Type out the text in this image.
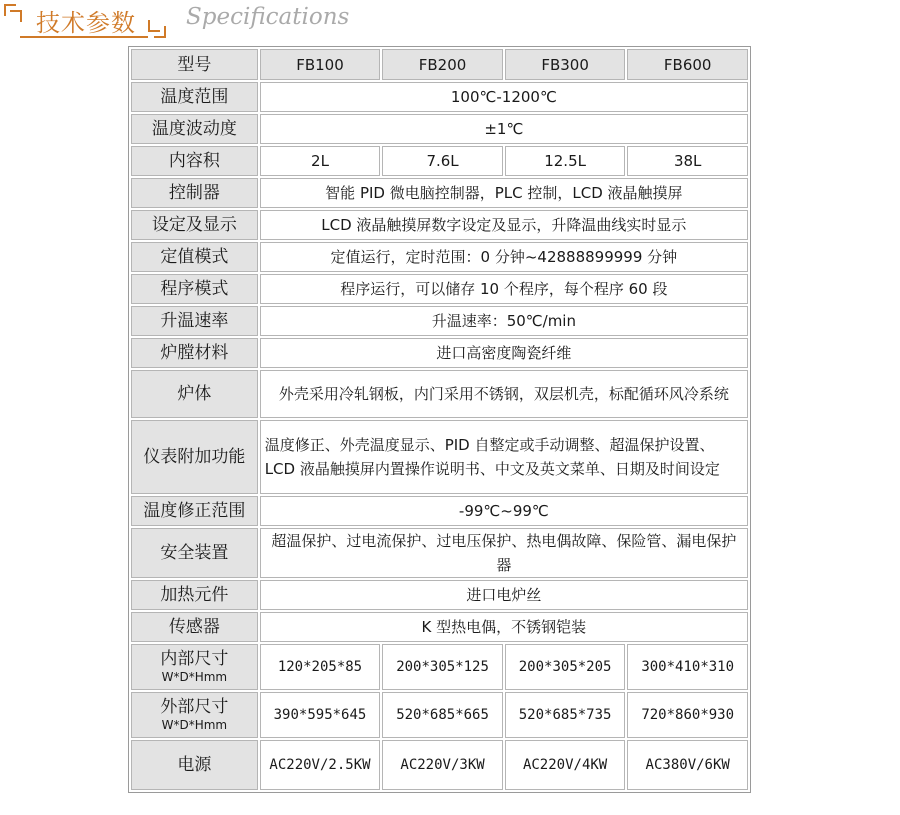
技术参数 Specifications
型号	FB100	FB200	FB300	FB600
温度范围	100℃-1200℃			
温度波动度	±1℃			
内容积	2L	7.6L	12.5L	38L
控制器	智能 PID 微电脑控制器，PLC 控制，LCD 液晶触摸屏			
设定及显示	LCD 液晶触摸屏数字设定及显示，升降温曲线实时显示			
定值模式	定值运行，定时范围：0 分钟~42888899999 分钟			
程序模式	程序运行，可以储存 10 个程序，每个程序 60 段			
升温速率	升温速率：50℃/min			
炉膛材料	进口高密度陶瓷纤维			
炉体	外壳采用冷轧钢板，内门采用不锈钢，双层机壳，标配循环风冷系统			
仪表附加功能	温度修正、外壳温度显示、PID 自整定或手动调整、超温保护设置、LCD 液晶触摸屏内置操作说明书、中文及英文菜单、日期及时间设定			
温度修正范围	-99℃~99℃			
安全装置	超温保护、过电流保护、过电压保护、热电偶故障、保险管、漏电保护器			
加热元件	进口电炉丝			
传感器	K 型热电偶，不锈钢铠装			

内部尺寸
W*D*Hmm	120*205*85	200*305*125	200*305*205	300*410*310

外部尺寸
W*D*Hmm	390*595*645	520*685*665	520*685*735	720*860*930
电源	AC220V/2.5KW	AC220V/3KW	AC220V/4KW	AC380V/6KW
